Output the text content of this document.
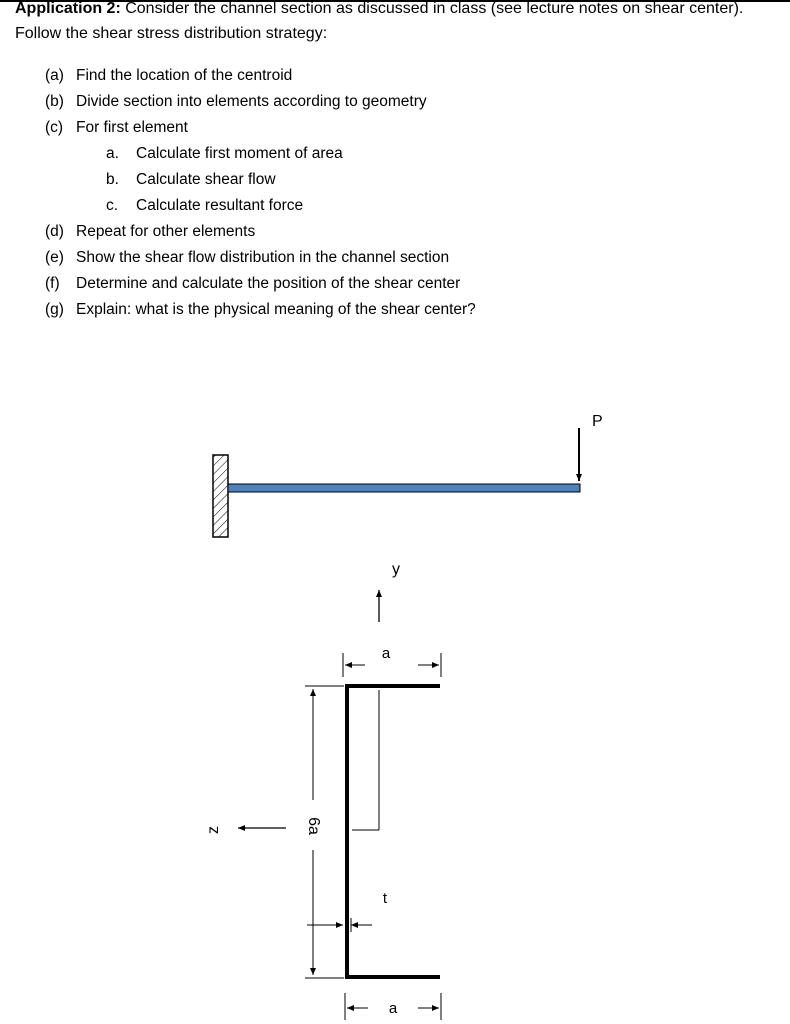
Application 2: Consider the channel section as discussed in class (see lecture notes on shear center).
Follow the shear stress distribution strategy:
(a) Find the location of the centroid
(b) Divide section into elements according to geometry
(c) For first element
a. Calculate first moment of area
b. Calculate shear flow
c. Calculate resultant force
(d) Repeat for other elements
(e) Show the shear flow distribution in the channel section
(f) Determine and calculate the position of the shear center
(g) Explain: what is the physical meaning of the shear center?
P
y
z
a
6a
t
a
